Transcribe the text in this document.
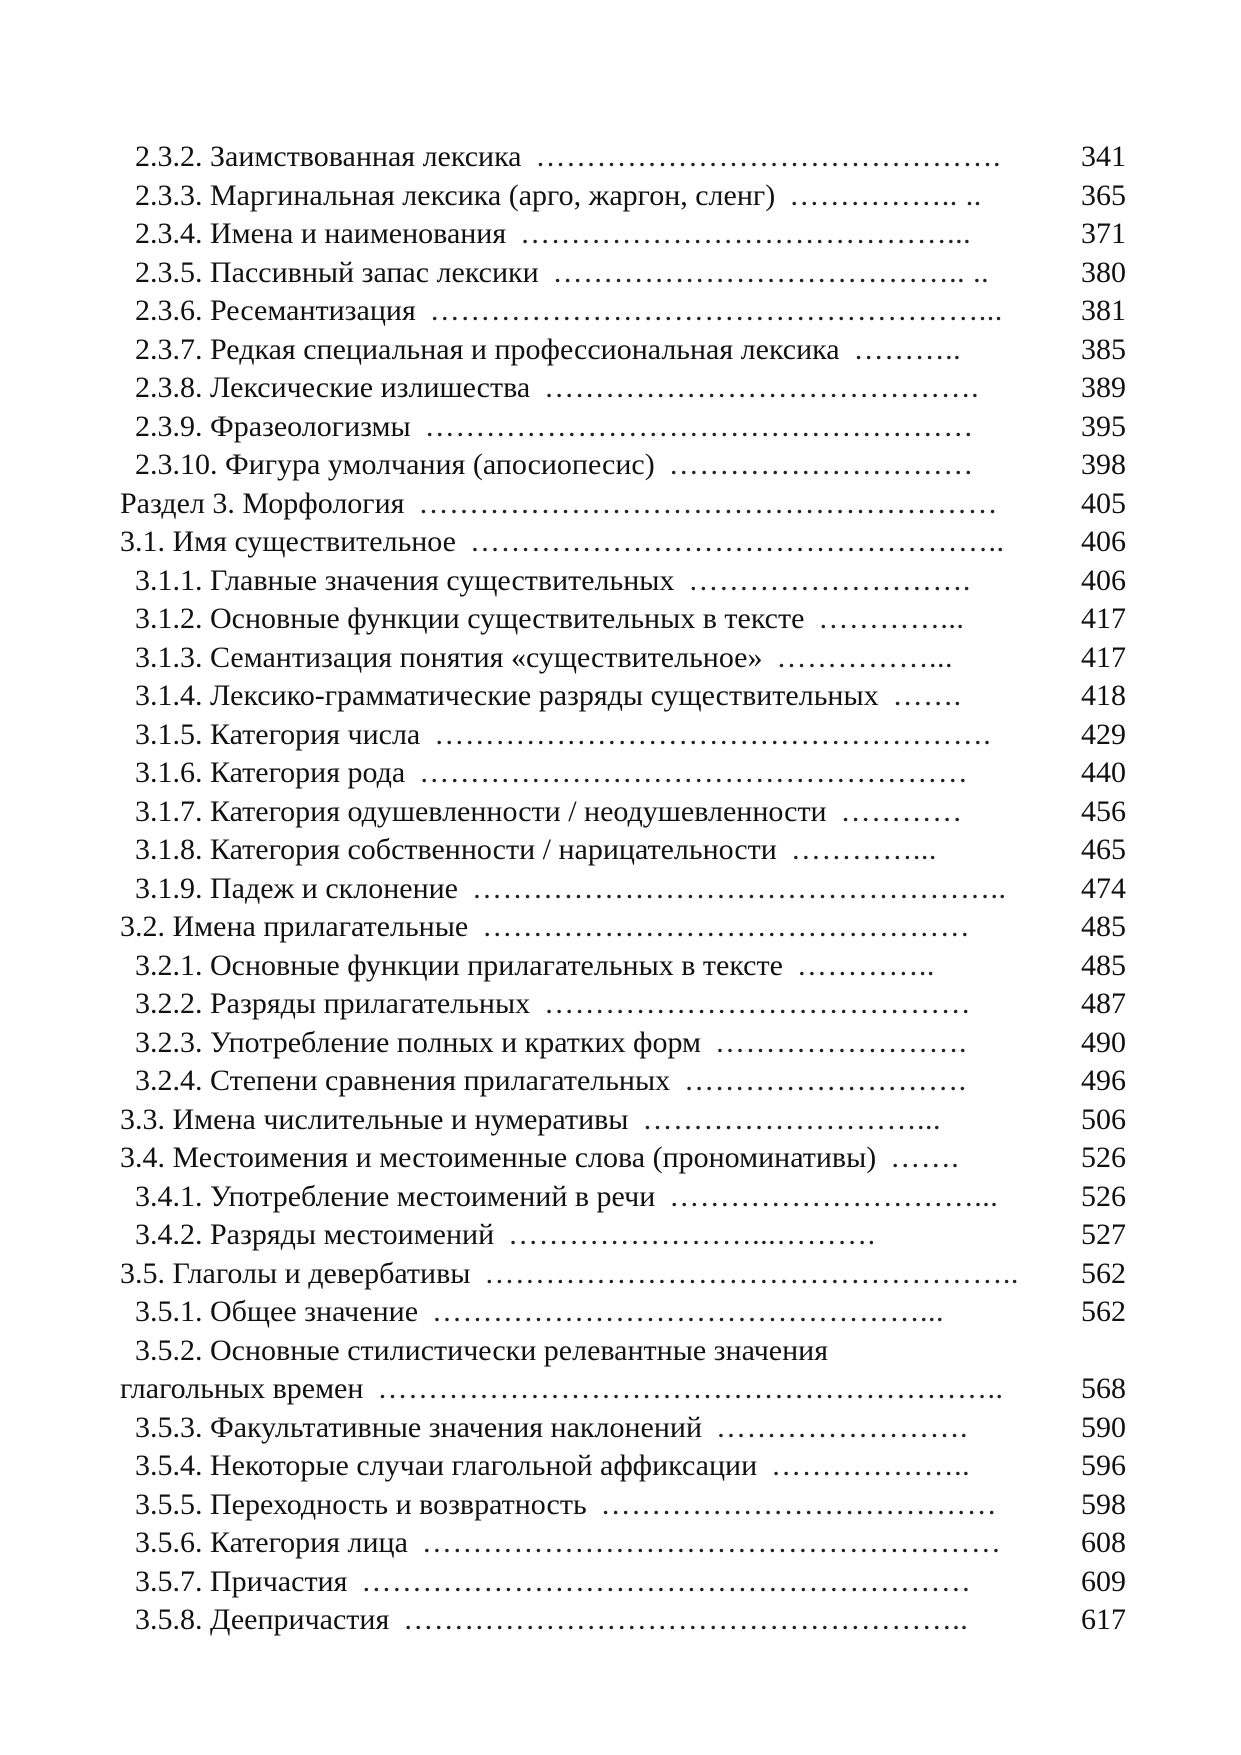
2.3.2. Заимствованная лексика ……………………………………….	341
2.3.3. Маргинальная лексика (арго, жаргон, сленг) …………….. ..	365
2.3.4. Имена и наименования ……………………………………...	371
2.3.5. Пассивный запас лексики ………………………………….. ..	380
2.3.6. Ресемантизация ………………………………………………...	381
2.3.7. Редкая специальная и профессиональная лексика ………..	385
2.3.8. Лексические излишества …………………………………….	389
2.3.9. Фразеологизмы ………………………………………………	395
2.3.10. Фигура умолчания (апосиопесис) …………………………	398
Раздел 3. Морфология …………………………………………………	405
3.1. Имя существительное ……………………………………………..	406
3.1.1. Главные значения существительных ……………………….	406
3.1.2. Основные функции существительных в тексте …………...	417
3.1.3. Семантизация понятия «существительное» ……………...	417
3.1.4. Лексико-грамматические разряды существительных …….	418
3.1.5. Категория числа ……………………………………………….	429
3.1.6. Категория рода ………………………………………………	440
3.1.7. Категория одушевленности / неодушевленности …………	456
3.1.8. Категория собственности / нарицательности …………...	465
3.1.9. Падеж и склонение ……………………………………………..	474
3.2. Имена прилагательные …………………………………………	485
3.2.1. Основные функции прилагательных в тексте …………..	485
3.2.2. Разряды прилагательных ……………………………………	487
3.2.3. Употребление полных и кратких форм …………………….	490
3.2.4. Степени сравнения прилагательных ……………………….	496
3.3. Имена числительные и нумеративы ………………………...	506
3.4. Местоимения и местоименные слова (прономинативы) …….	526
3.4.1. Употребление местоимений в речи …………………………...	526
3.4.2. Разряды местоимений ……………………...……….	527
3.5. Глаголы и девербативы ……………………………………………..	562
3.5.1. Общее значение …………………………………………...	562
3.5.2. Основные стилистически релевантные значения
глагольных времен ……………………………………………………..	568
3.5.3. Факультативные значения наклонений …………………….	590
3.5.4. Некоторые случаи глагольной аффиксации ………………..	596
3.5.5. Переходность и возвратность …………………………………	598
3.5.6. Категория лица …………………………………………………	608
3.5.7. Причастия ……………………………………………………	609
3.5.8. Деепричастия ………………………………………………..	617
